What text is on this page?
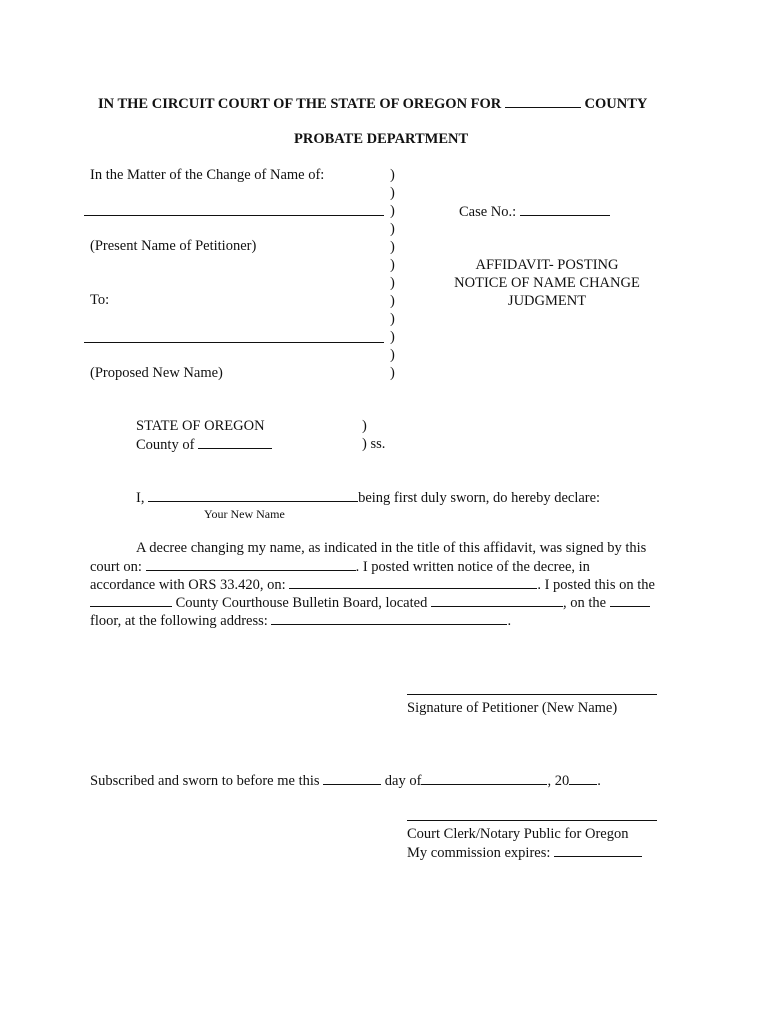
IN THE CIRCUIT COURT OF THE STATE OF OREGON FOR	COUNTY
PROBATE DEPARTMENT
In the Matter of the Change of Name of:
(Present Name of Petitioner)
To:
(Proposed New Name)
)
)
)
)
)
)
)
)
)
)
)
)
Case No.:
AFFIDAVIT- POSTING
NOTICE OF NAME CHANGE
JUDGMENT
STATE OF OREGON
County of
)
) ss.
I,	being first duly sworn, do hereby declare:
Your New Name
A decree changing my name, as indicated in the title of this affidavit, was signed by this
court on:	. I posted written notice of the decree, in
accordance with ORS 33.420, on:	. I posted this on the
County Courthouse Bulletin Board, located	, on the
floor, at the following address:	.
Signature of Petitioner (New Name)
Subscribed and sworn to before me this	day of	, 20 .
Court Clerk/Notary Public for Oregon
My commission expires:
